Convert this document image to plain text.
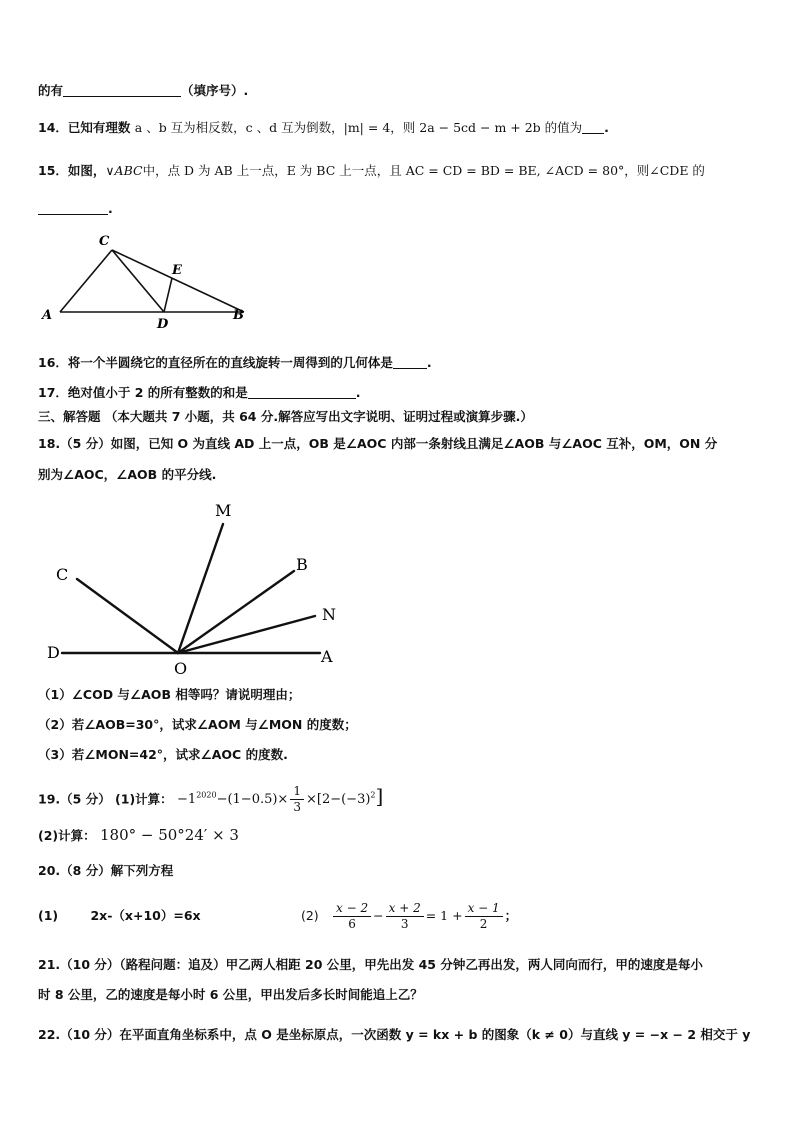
的有	（填序号）.
14．已知有理数 a 、b 互为相反数，c 、d 互为倒数，|m| = 4，则 2a − 5cd − m + 2b 的值为 .
15．如图，∨ABC中，点 D 为 AB 上一点，E 为 BC 上一点，且 AC = CD = BD = BE, ∠ACD = 80°，则∠CDE 的
.
C
E
A
D
B
16．将一个半圆绕它的直径所在的直线旋转一周得到的几何体是	.
17．绝对值小于 2 的所有整数的和是	.
三、解答题 （本大题共 7 小题，共 64 分.解答应写出文字说明、证明过程或演算步骤.）
18.（5 分）如图，已知 O 为直线 AD 上一点，OB 是∠AOC 内部一条射线且满足∠AOB 与∠AOC 互补，OM，ON 分
别为∠AOC，∠AOB 的平分线.
M
B
C
N
D
O
A
（1）∠COD 与∠AOB 相等吗？请说明理由；
（2）若∠AOB=30°，试求∠AOM 与∠MON 的度数；
（3）若∠MON=42°，试求∠AOC 的度数.
19.（5 分） (1)计算： $-1^{2020}-(1-0.5)\times \frac{1}{3} \times[2-(-3)^2]$
(2)计算： 180° − 50°24′ × 3
20.（8 分）解下列方程
(1)	2x-（x+10）=6x	$(2) \frac{x - 2}{6} - \frac{x + 2}{3} = 1 + \frac{x - 1}{2}$ ；
21.（10 分）（路程问题：追及）甲乙两人相距 20 公里，甲先出发 45 分钟乙再出发，两人同向而行，甲的速度是每小
时 8 公里，乙的速度是每小时 6 公里，甲出发后多长时间能追上乙？
22.（10 分）在平面直角坐标系中，点 O 是坐标原点，一次函数 y = kx + b 的图象（k ≠ 0）与直线 y = −x − 2 相交于 y
